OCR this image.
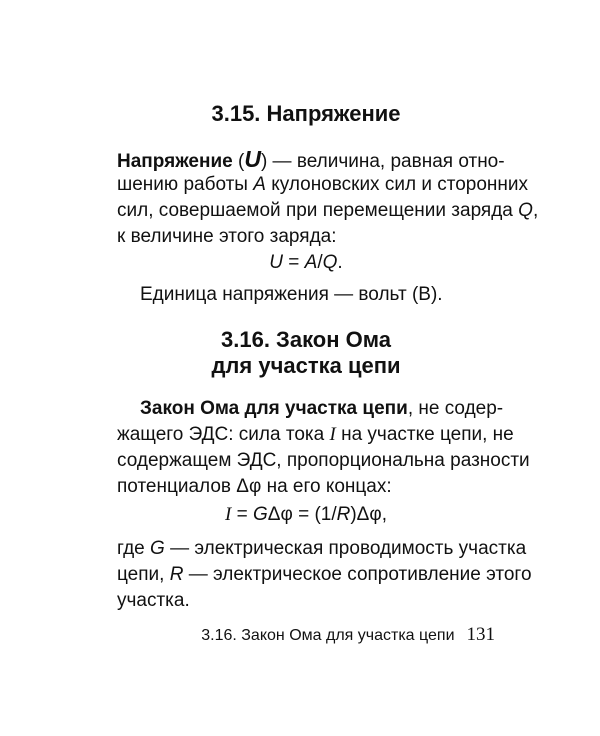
3.15. Напряжение
Напряжение (U) — величина, равная отно-
шению работы A кулоновских сил и сторонних
сил, совершаемой при перемещении заряда Q,
к величине этого заряда:
U = A/Q.
Единица напряжения — вольт (В).
3.16. Закон Ома
для участка цепи
Закон Ома для участка цепи, не содер-
жащего ЭДС: сила тока I на участке цепи, не
содержащем ЭДС, пропорциональна разности
потенциалов Δφ на его концах:
I = GΔφ = (1/R)Δφ,
где G — электрическая проводимость участка
цепи, R — электрическое сопротивление этого
участка.
3.16. Закон Ома для участка цепи 131
